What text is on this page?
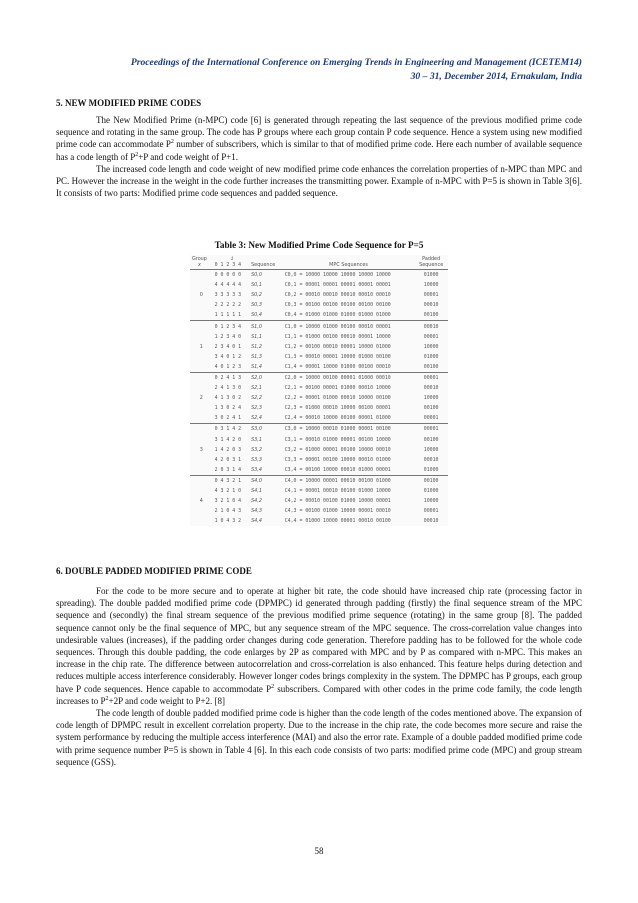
Proceedings of the International Conference on Emerging Trends in Engineering and Management (ICETEM14)
30 – 31, December 2014, Ernakulam, India
5. NEW MODIFIED PRIME CODES

The New Modified Prime (n-MPC) code [6] is generated through repeating the last sequence of the previous modified prime code sequence and rotating in the same group. The code has P groups where each group contain P code sequence. Hence a system using new modified prime code can accommodate $P^2$ number of subscribers, which is similar to that of modified prime code. Here each number of available sequence has a code length of $P^2+P$ and code weight of P+1.

The increased code length and code weight of new modified prime code enhances the correlation properties of n-MPC than MPC and PC. However the increase in the weight in the code further increases the transmitting power. Example of n-MPC with P=5 is shown in Table 3[6]. It consists of two parts: Modified prime code sequences and padded sequence.

Table 3: New Modified Prime Code Sequence for P=5
Group
x	i
0 1 2 3 4	Sequence	MPC Sequences	Padded
Sequence
0	0 0 0 0 0	S0,0	C0,0 = 10000 10000 10000 10000 10000	01000
	4 4 4 4 4	S0,1	C0,1 = 00001 00001 00001 00001 00001	10000
	3 3 3 3 3	S0,2	C0,2 = 00010 00010 00010 00010 00010	00001
	2 2 2 2 2	S0,3	C0,3 = 00100 00100 00100 00100 00100	00010
	1 1 1 1 1	S0,4	C0,4 = 01000 01000 01000 01000 01000	00100
1	0 1 2 3 4	S1,0	C1,0 = 10000 01000 00100 00010 00001	00010
	1 2 3 4 0	S1,1	C1,1 = 01000 00100 00010 00001 10000	00001
	2 3 4 0 1	S1,2	C1,2 = 00100 00010 00001 10000 01000	10000
	3 4 0 1 2	S1,3	C1,3 = 00010 00001 10000 01000 00100	01000
	4 0 1 2 3	S1,4	C1,4 = 00001 10000 01000 00100 00010	00100
2	0 2 4 1 3	S2,0	C2,0 = 10000 00100 00001 01000 00010	00001
	2 4 1 3 0	S2,1	C2,1 = 00100 00001 01000 00010 10000	00010
	4 1 3 0 2	S2,2	C2,2 = 00001 01000 00010 10000 00100	10000
	1 3 0 2 4	S2,3	C2,3 = 01000 00010 10000 00100 00001	00100
	3 0 2 4 1	S2,4	C2,4 = 00010 10000 00100 00001 01000	00001
3	0 3 1 4 2	S3,0	C3,0 = 10000 00010 01000 00001 00100	00001
	3 1 4 2 0	S3,1	C3,1 = 00010 01000 00001 00100 10000	00100
	1 4 2 0 3	S3,2	C3,2 = 01000 00001 00100 10000 00010	10000
	4 2 0 3 1	S3,3	C3,3 = 00001 00100 10000 00010 01000	00010
	2 0 3 1 4	S3,4	C3,4 = 00100 10000 00010 01000 00001	01000
4	0 4 3 2 1	S4,0	C4,0 = 10000 00001 00010 00100 01000	00100
	4 3 2 1 0	S4,1	C4,1 = 00001 00010 00100 01000 10000	01000
	3 2 1 0 4	S4,2	C4,2 = 00010 00100 01000 10000 00001	10000
	2 1 0 4 3	S4,3	C4,3 = 00100 01000 10000 00001 00010	00001
	1 0 4 3 2	S4,4	C4,4 = 01000 10000 00001 00010 00100	00010
6. DOUBLE PADDED MODIFIED PRIME CODE

For the code to be more secure and to operate at higher bit rate, the code should have increased chip rate (processing factor in spreading). The double padded modified prime code (DPMPC) id generated through padding (firstly) the final sequence stream of the MPC sequence and (secondly) the final stream sequence of the previous modified prime sequence (rotating) in the same group [8]. The padded sequence cannot only be the final sequence of MPC, but any sequence stream of the MPC sequence. The cross-correlation value changes into undesirable values (increases), if the padding order changes during code generation. Therefore padding has to be followed for the whole code sequences. Through this double padding, the code enlarges by 2P as compared with MPC and by P as compared with n-MPC. This makes an increase in the chip rate. The difference between autocorrelation and cross-correlation is also enhanced. This feature helps during detection and reduces multiple access interference considerably. However longer codes brings complexity in the system. The DPMPC has P groups, each group have P code sequences. Hence capable to accommodate $P^2$ subscribers. Compared with other codes in the prime code family, the code length increases to $P^2+2P$ and code weight to P+2. [8]

The code length of double padded modified prime code is higher than the code length of the codes mentioned above. The expansion of code length of DPMPC result in excellent correlation property. Due to the increase in the chip rate, the code becomes more secure and raise the system performance by reducing the multiple access interference (MAI) and also the error rate. Example of a double padded modified prime code with prime sequence number P=5 is shown in Table 4 [6]. In this each code consists of two parts: modified prime code (MPC) and group stream sequence (GSS).

58
